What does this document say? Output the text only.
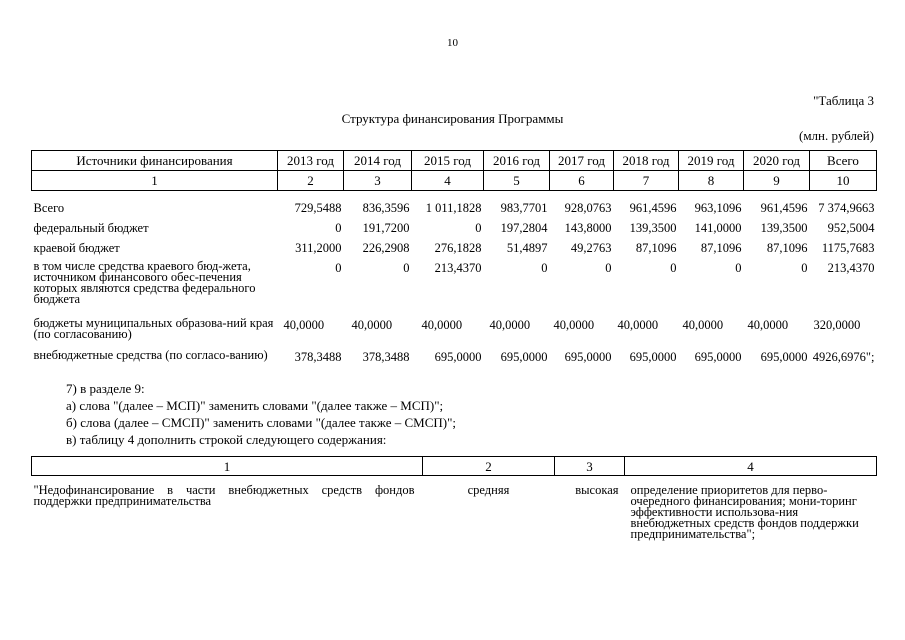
10
"Таблица 3
Структура финансирования Программы
(млн. рублей)
Источники финансирования	2013 год	2014 год	2015 год	2016 год	2017 год	2018 год	2019 год	2020 год	Всего
1	2	3	4	5	6	7	8	9	10

Всего	729,5488	836,3596	1 011,1828	983,7701	928,0763	961,4596	963,1096	961,4596	7 374,9663
федеральный бюджет	0	191,7200	0	197,2804	143,8000	139,3500	141,0000	139,3500	952,5004
краевой бюджет	311,2000	226,2908	276,1828	51,4897	49,2763	87,1096	87,1096	87,1096	1175,7683
в том числе средства краевого бюд-жета, источником финансового обес-печения которых являются средства федерального бюджета	0	0	213,4370	0	0	0	0	0	213,4370
бюджеты муниципальных образова-ний края (по согласованию)	40,0000	40,0000	40,0000	40,0000	40,0000	40,0000	40,0000	40,0000	320,0000
внебюджетные средства (по согласо-ванию)	378,3488	378,3488	695,0000	695,0000	695,0000	695,0000	695,0000	695,0000	4926,6976";
7) в разделе 9:
а) слова "(далее – МСП)" заменить словами "(далее также – МСП)";
б) слова (далее – СМСП)" заменить словами "(далее также – СМСП)";
в) таблицу 4 дополнить строкой следующего содержания:
1	2	3	4
"Недофинансирование в части внебюджетных средств фондов поддержки предпринимательства	средняя	высокая	определение приоритетов для перво-очередного финансирования; мони-торинг эффективности использова-ния внебюджетных средств фондов поддержки предпринимательства";
